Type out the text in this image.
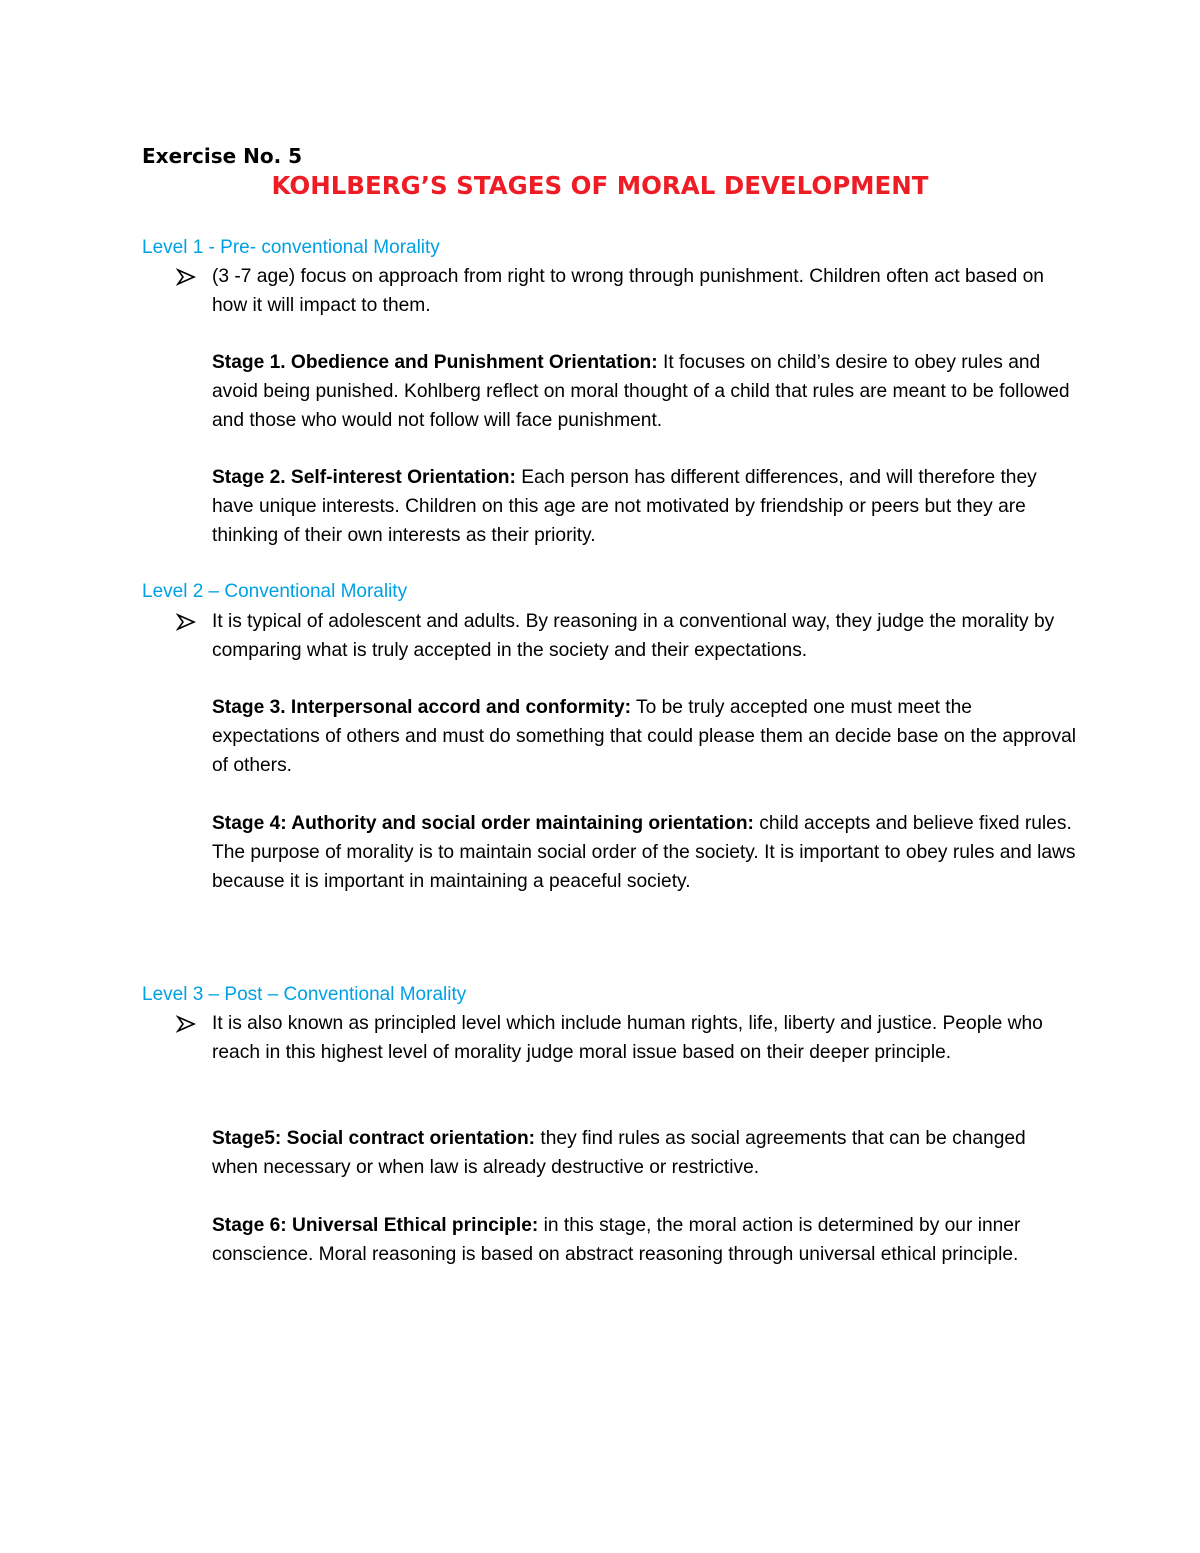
Exercise No. 5
KOHLBERG’S STAGES OF MORAL DEVELOPMENT
Level 1 - Pre- conventional Morality
(3 -7 age) focus on approach from right to wrong through punishment. Children often act based on how it will impact to them.
Stage 1. Obedience and Punishment Orientation: It focuses on child’s desire to obey rules and avoid being punished. Kohlberg reflect on moral thought of a child that rules are meant to be followed and those who would not follow will face punishment.
Stage 2. Self-interest Orientation: Each person has different differences, and will therefore they have unique interests. Children on this age are not motivated by friendship or peers but they are thinking of their own interests as their priority.
Level 2 – Conventional Morality
It is typical of adolescent and adults. By reasoning in a conventional way, they judge the morality by comparing what is truly accepted in the society and their expectations.
Stage 3. Interpersonal accord and conformity: To be truly accepted one must meet the expectations of others and must do something that could please them an decide base on the approval of others.
Stage 4: Authority and social order maintaining orientation: child accepts and believe fixed rules. The purpose of morality is to maintain social order of the society. It is important to obey rules and laws because it is important in maintaining a peaceful society.
Level 3 – Post – Conventional Morality
It is also known as principled level which include human rights, life, liberty and justice. People who reach in this highest level of morality judge moral issue based on their deeper principle.
Stage5: Social contract orientation: they find rules as social agreements that can be changed when necessary or when law is already destructive or restrictive.
Stage 6: Universal Ethical principle: in this stage, the moral action is determined by our inner conscience. Moral reasoning is based on abstract reasoning through universal ethical principle.
